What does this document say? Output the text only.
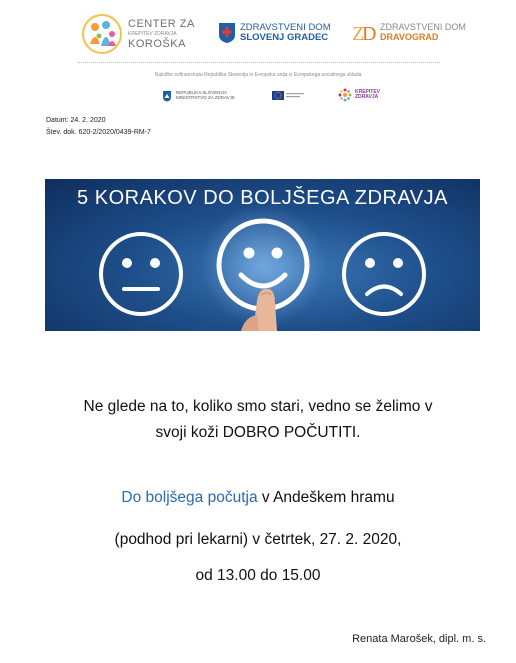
CENTER ZA
KREPITEV ZDRAVJA
KOROŠKA
ZDRAVSTVENI DOM
SLOVENJ GRADEC Z
D ZDRAVSTVENI DOM
DRAVOGRAD
Naložbo sofinancirata Republika Slovenija in Evropska unija iz Evropskega socialnega sklada
REPUBLIKA SLOVENIJA
MINISTRSTVO ZA ZDRAVJE
KREPITEV
ZDRAVJA
Datum: 24. 2. 2020
Štev. dok. 620-2/2020/0439-RM-7
5 KORAKOV DO BOLJŠEGA ZDRAVJA
Ne glede na to, koliko smo stari, vedno se želimo v
svoji koži DOBRO POČUTITI.
Do boljšega počutja v Andeškem hramu
(podhod pri lekarni) v četrtek, 27. 2. 2020,
od 13.00 do 15.00
Renata Marošek, dipl. m. s.
